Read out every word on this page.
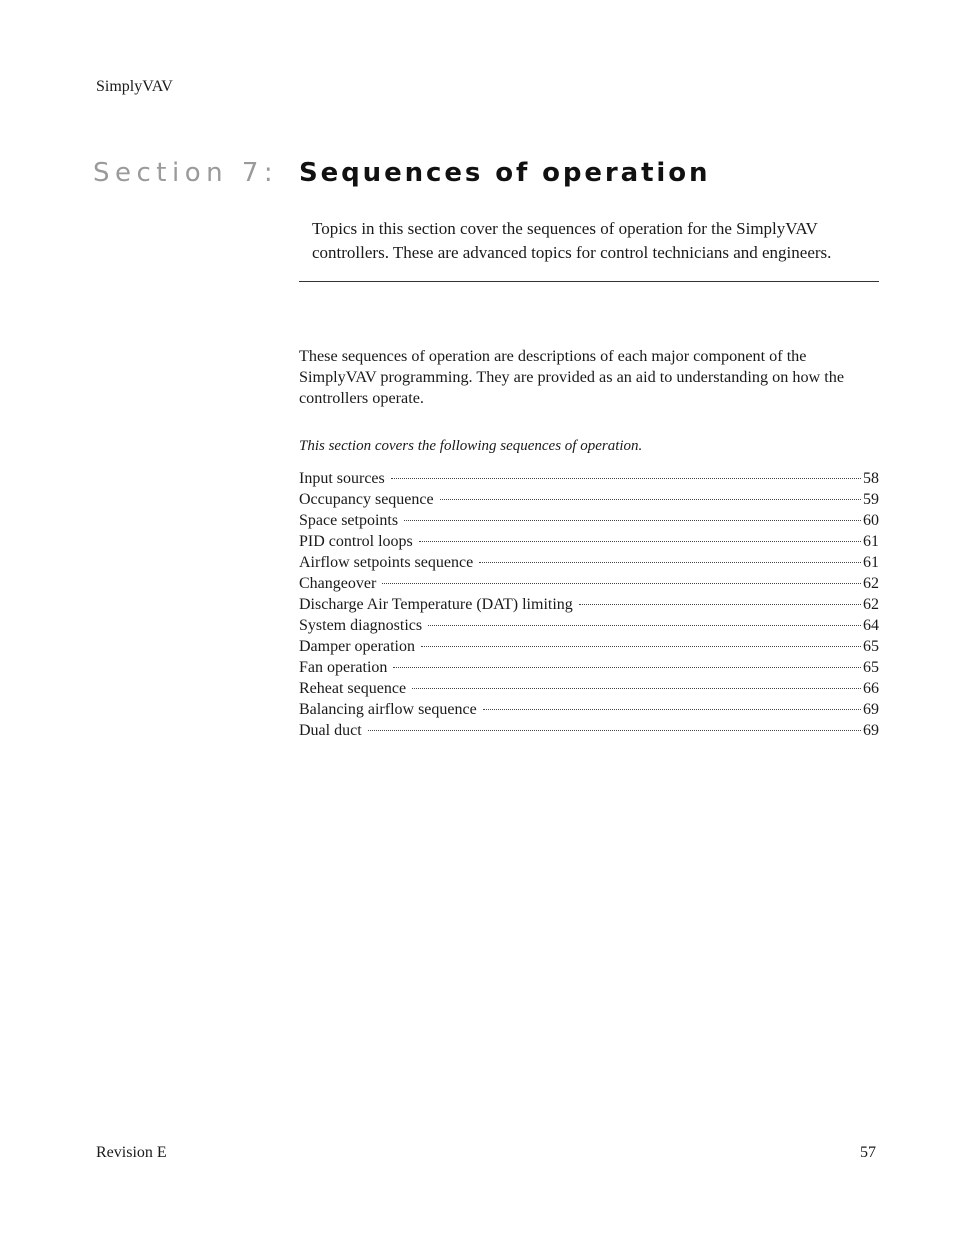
SimplyVAV
Section 7: Sequences of operation
Topics in this section cover the sequences of operation for the SimplyVAV controllers. These are advanced topics for control technicians and engineers.

These sequences of operation are descriptions of each major component of the SimplyVAV programming. They are provided as an aid to understanding on how the controllers operate.

This section covers the following sequences of operation.

Input sources	58
Occupancy sequence	59
Space setpoints	60
PID control loops	61
Airflow setpoints sequence	61
Changeover	62
Discharge Air Temperature (DAT) limiting	62
System diagnostics	64
Damper operation	65
Fan operation	65
Reheat sequence	66
Balancing airflow sequence	69
Dual duct	69
Revision E	57
